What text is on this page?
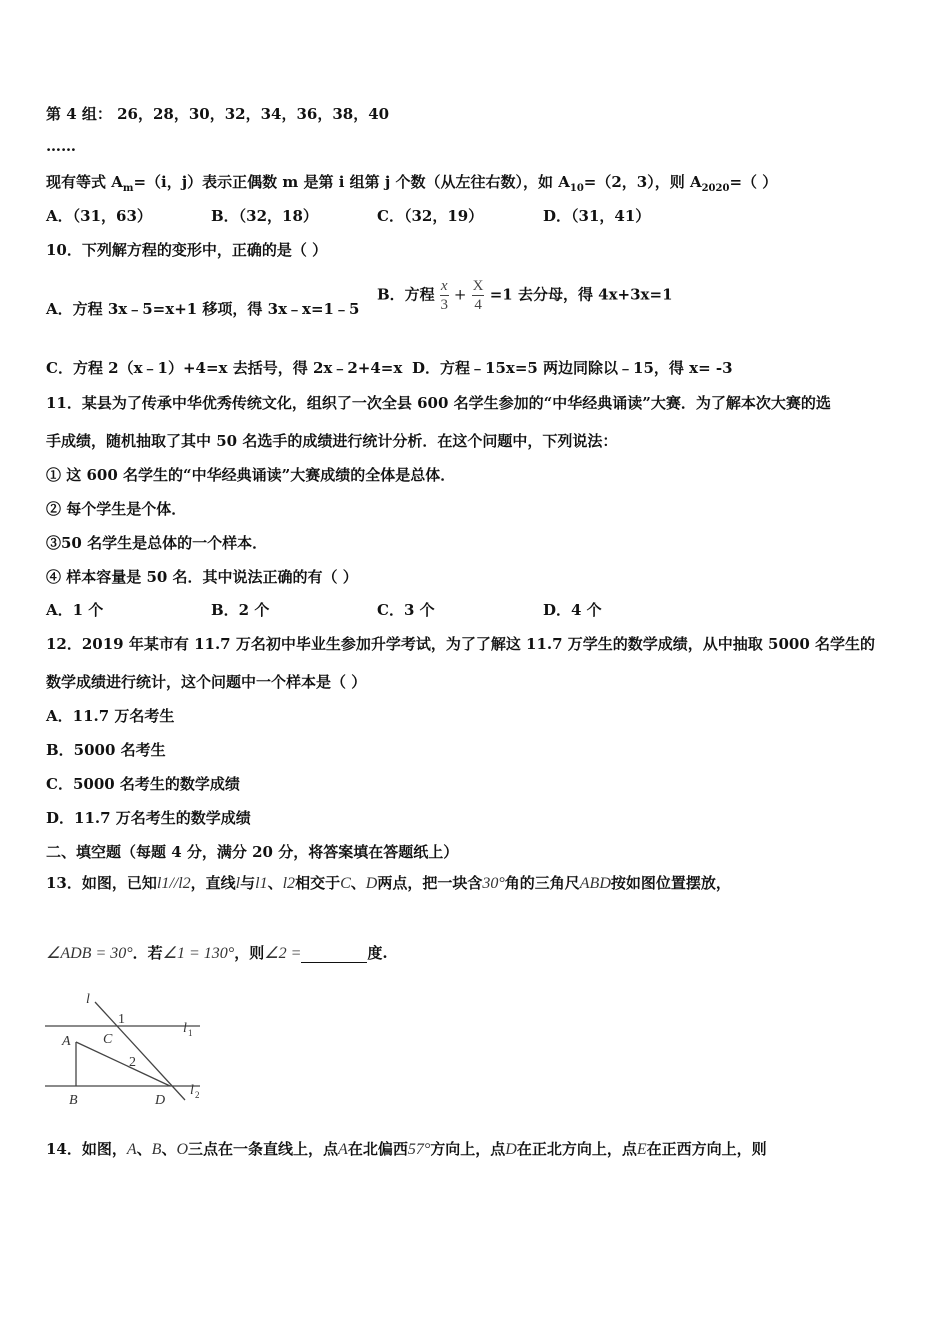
第 4 组： 26，28，30，32，34，36，38，40
……
现有等式 $A_m=(i$，j）表示正偶数 m 是第 i 组第 j 个数（从左往右数），如 $A_{10}=(2$，3），则 $A_{2020}=$（ ）
A．（31，63）	B．（32，18）	C．（32，19）	D．（31，41）
10．下列解方程的变形中，正确的是（ ）
A．方程 3x﹣5=x+1 移项，得 3x﹣x=1﹣5
B．方程 $\frac{x}{3} + \frac{X}{4} =1$ 去分母，得 4x+3x=1
C．方程 2（x﹣1）+4=x 去括号，得 2x﹣2+4=x D．方程﹣15x=5 两边同除以﹣15，得 x= -3
11．某县为了传承中华优秀传统文化，组织了一次全县 600 名学生参加的“中华经典诵读”大赛．为了解本次大赛的选
手成绩，随机抽取了其中 50 名选手的成绩进行统计分析．在这个问题中，下列说法：
① 这 600 名学生的“中华经典诵读”大赛成绩的全体是总体．
② 每个学生是个体．
③50 名学生是总体的一个样本．
④ 样本容量是 50 名．其中说法正确的有（ ）
A．1 个	B．2 个	C．3 个	D．4 个
12．2019 年某市有 11.7 万名初中毕业生参加升学考试，为了了解这 11.7 万学生的数学成绩，从中抽取 5000 名学生的
数学成绩进行统计，这个问题中一个样本是（ ）
A．11.7 万名考生
B．5000 名考生
C．5000 名考生的数学成绩
D．11.7 万名考生的数学成绩
二、填空题（每题 4 分，满分 20 分，将答案填在答题纸上）
13．如图，已知l1//l2，直线l与l1、l2相交于C、D两点，把一块含30°角的三角尺ABD按如图位置摆放，
∠ADB = 30°．若∠1 = 130°，则∠2 =	度.
l
1
l 1
A C
2
l 2
B	D
14．如图，A、B、O三点在一条直线上，点A在北偏西57°方向上，点D在正北方向上，点E在正西方向上，则
